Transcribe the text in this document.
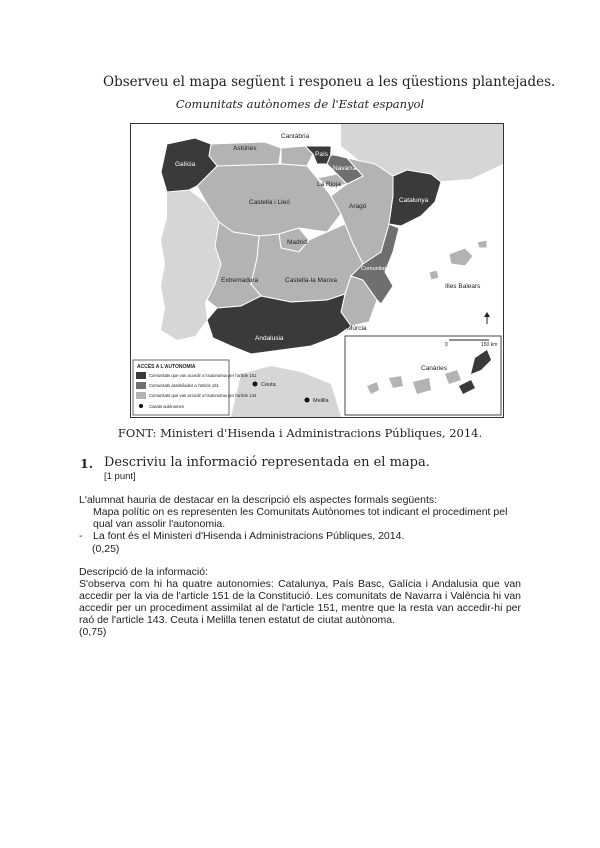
Observeu el mapa següent i responeu a les qüestions plantejades.
Comunitats autònomes de l'Estat espanyol
Galícia
Astúries
Cantàbria
País Basc
Navarra
La Rioja
Catalunya
Aragó
Castella i Lleó
Madrid
Castella-la Manxa
Extremadura
Comunitat Valenciana
Illes Balears
Múrcia
Andalusia
Canàries
Ceuta
Melilla
0	150 km
ACCÉS A L'AUTONOMIA
Comunitats que van accedir a l'autonomia per l'article 151
Comunitats assimilades a l'article 151
Comunitats que van accedir a l'autonomia per l'article 143
Ciutats autònomes
FONT: Ministeri d'Hisenda i Administracions Públiques, 2014.
1. Descriviu la informació representada en el mapa.
[1 punt]
L'alumnat hauria de destacar en la descripció els aspectes formals següents:
Mapa polític on es representen les Comunitats Autònomes tot indicant el procediment pel qual van assolir l'autonomia.
- La font és el Ministeri d'Hisenda i Administracions Públiques, 2014.
(0,25)
Descripció de la informació:
S'observa com hi ha quatre autonomies: Catalunya, País Basc, Galícia i Andalusia que van accedir per la via de l'article 151 de la Constitució. Les comunitats de Navarra i València hi van accedir per un procediment assimilat al de l'article 151, mentre que la resta van accedir-hi per raó de l'article 143. Ceuta i Melilla tenen estatut de ciutat autònoma.
(0,75)
